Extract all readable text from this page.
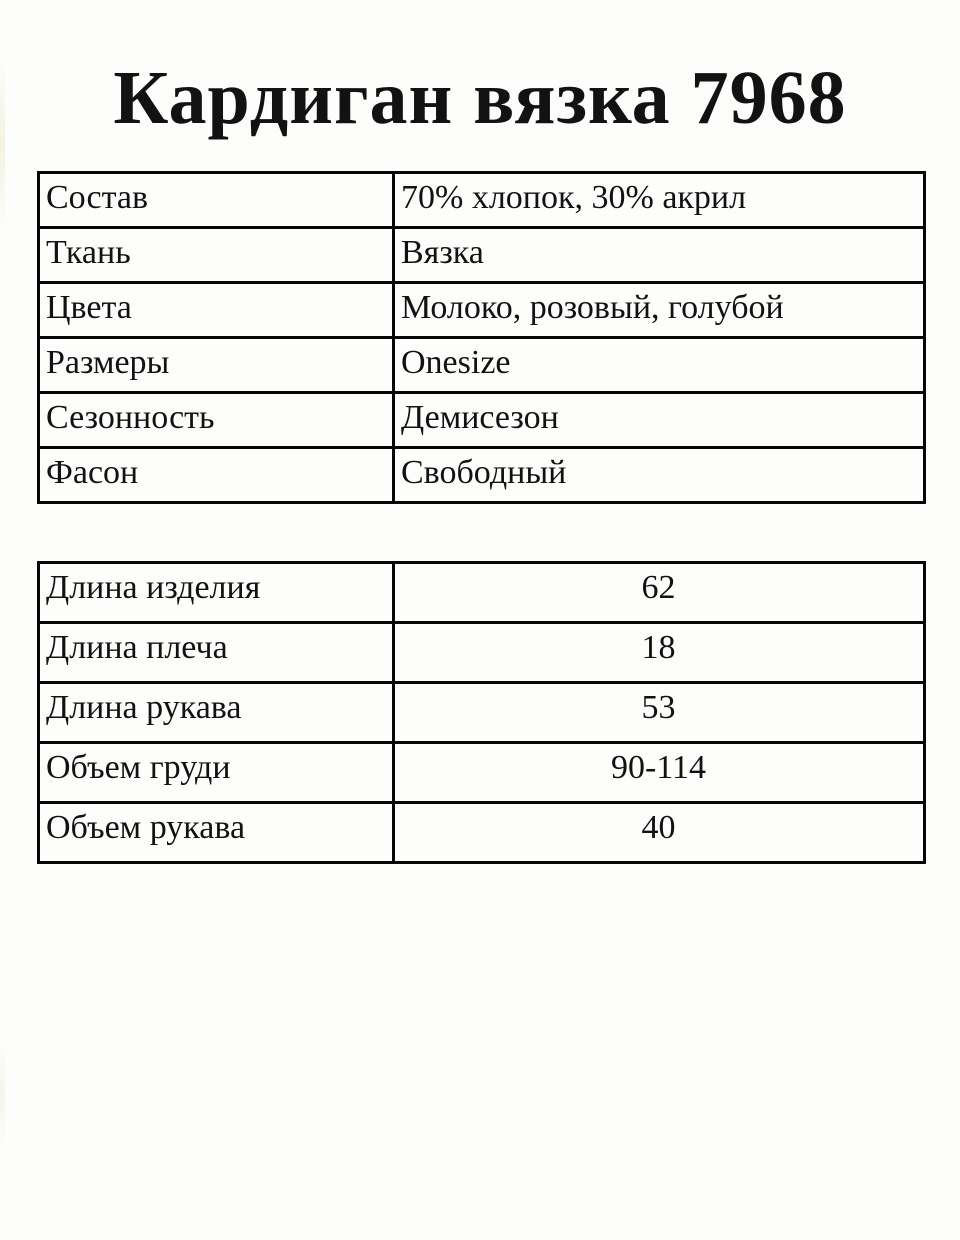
Кардиган вязка 7968
Состав	70% хлопок, 30% акрил
Ткань	Вязка
Цвета	Молоко, розовый, голубой
Размеры	Onesize
Сезонность	Демисезон
Фасон	Свободный
Длина изделия	62
Длина плеча	18
Длина рукава	53
Объем груди	90-114
Объем рукава	40
